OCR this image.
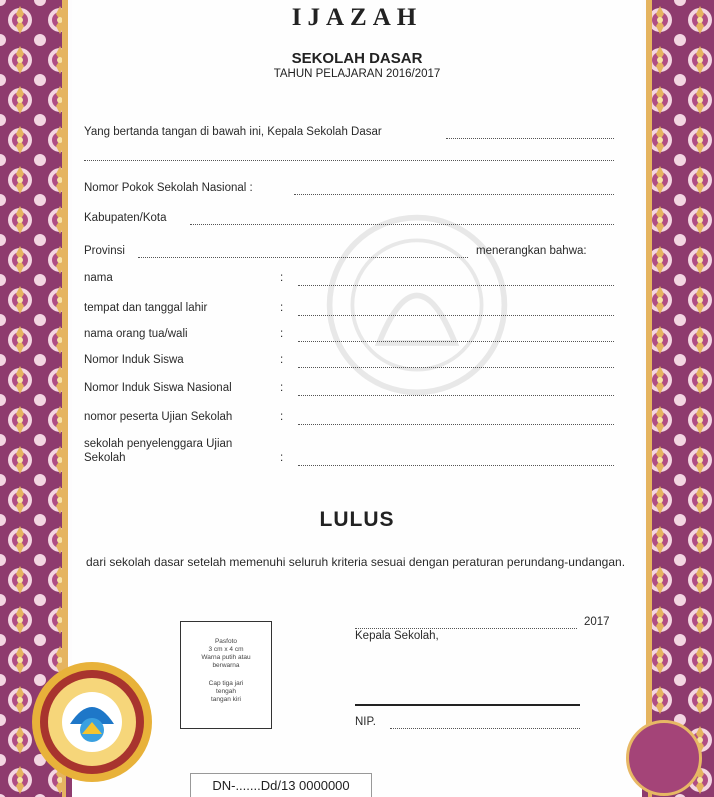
IJAZAH
SEKOLAH DASAR
TAHUN PELAJARAN 2016/2017
Yang bertanda tangan di bawah ini, Kepala Sekolah Dasar
Nomor Pokok Sekolah Nasional :
Kabupaten/Kota
Provinsi	menerangkan bahwa:
nama	:
tempat dan tanggal lahir	:
nama orang tua/wali	:
Nomor Induk Siswa	:
Nomor Induk Siswa Nasional	:
nomor peserta Ujian Sekolah	:
sekolah penyelenggara Ujian
Sekolah	:
LULUS
dari sekolah dasar setelah memenuhi seluruh kriteria sesuai dengan peraturan perundang-undangan.
Pasfoto
3 cm x 4 cm
Warna putih atau
berwarna
Cap tiga jari
tengah
tangan kiri
2017
Kepala Sekolah,
NIP.
DN-.......Dd/13 0000000
